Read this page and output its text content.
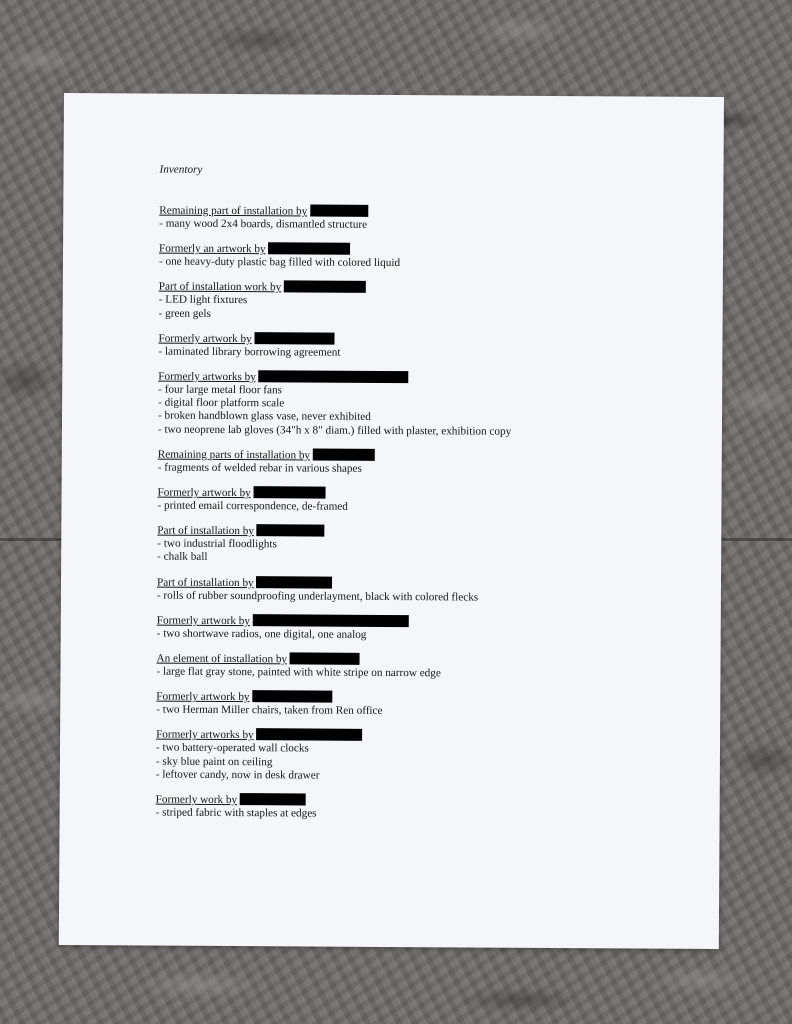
Inventory
Remaining part of installation by
- many wood 2x4 boards, dismantled structure
Formerly an artwork by
- one heavy-duty plastic bag filled with colored liquid
Part of installation work by
- LED light fixtures
- green gels
Formerly artwork by
- laminated library borrowing agreement
Formerly artworks by
- four large metal floor fans
- digital floor platform scale
- broken handblown glass vase, never exhibited
- two neoprene lab gloves (34"h x 8" diam.) filled with plaster, exhibition copy
Remaining parts of installation by
- fragments of welded rebar in various shapes
Formerly artwork by
- printed email correspondence, de-framed
Part of installation by
- two industrial floodlights
- chalk ball
Part of installation by
- rolls of rubber soundproofing underlayment, black with colored flecks
Formerly artwork by
- two shortwave radios, one digital, one analog
An element of installation by
- large flat gray stone, painted with white stripe on narrow edge
Formerly artwork by
- two Herman Miller chairs, taken from Ren office
Formerly artworks by
- two battery-operated wall clocks
- sky blue paint on ceiling
- leftover candy, now in desk drawer
Formerly work by
- striped fabric with staples at edges
